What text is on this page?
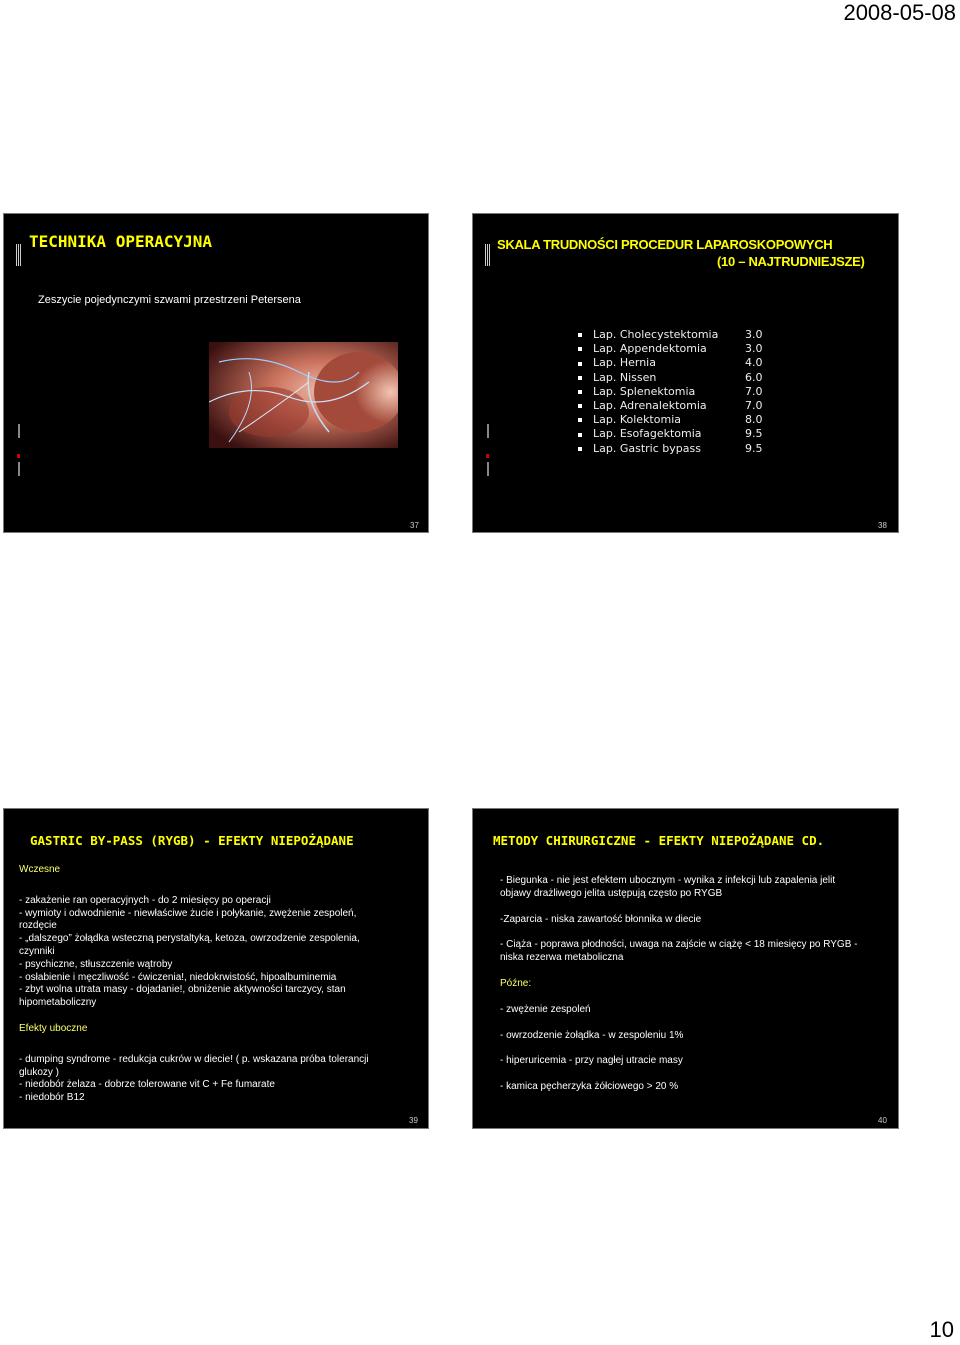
2008-05-08
TECHNIKA OPERACYJNA
Zeszycie pojedynczymi szwami przestrzeni Petersena
37
SKALA TRUDNOŚCI PROCEDUR LAPAROSKOPOWYCH
(10 – NAJTRUDNIEJSZE)
Lap. Cholecystektomia	3.0
Lap. Appendektomia	3.0
Lap. Hernia	4.0
Lap. Nissen	6.0
Lap. Splenektomia	7.0
Lap. Adrenalektomia	7.0
Lap. Kolektomia	8.0
Lap. Esofagektomia	9.5
Lap. Gastric bypass	9.5
38
GASTRIC BY-PASS (RYGB) - EFEKTY NIEPOŻĄDANE
Wczesne
- zakażenie ran operacyjnych - do 2 miesięcy po operacji
- wymioty i odwodnienie - niewłaściwe żucie i połykanie, zwężenie zespoleń,
rozdęcie
- „dalszego” żołądka wsteczną perystaltyką, ketoza, owrzodzenie zespolenia,
czynniki
- psychiczne, stłuszczenie wątroby
- osłabienie i męczliwość - ćwiczenia!, niedokrwistość, hipoalbuminemia
- zbyt wolna utrata masy - dojadanie!, obniżenie aktywności tarczycy, stan
hipometaboliczny
Efekty uboczne
- dumping syndrome - redukcja cukrów w diecie! ( p. wskazana próba tolerancji
glukozy )
- niedobór żelaza - dobrze tolerowane vit C + Fe fumarate
- niedobór B12
39
METODY CHIRURGICZNE - EFEKTY NIEPOŻĄDANE CD.
- Biegunka - nie jest efektem ubocznym - wynika z infekcji lub zapalenia jelit
objawy drażliwego jelita ustępują często po RYGB
-Zaparcia - niska zawartość błonnika w diecie
- Ciąża - poprawa płodności, uwaga na zajście w ciążę < 18 miesięcy po RYGB -
niska rezerwa metaboliczna
Późne:
- zwężenie zespoleń
- owrzodzenie żołądka - w zespoleniu 1%
- hiperuricemia - przy nagłej utracie masy
- kamica pęcherzyka żółciowego > 20 %
40
10
